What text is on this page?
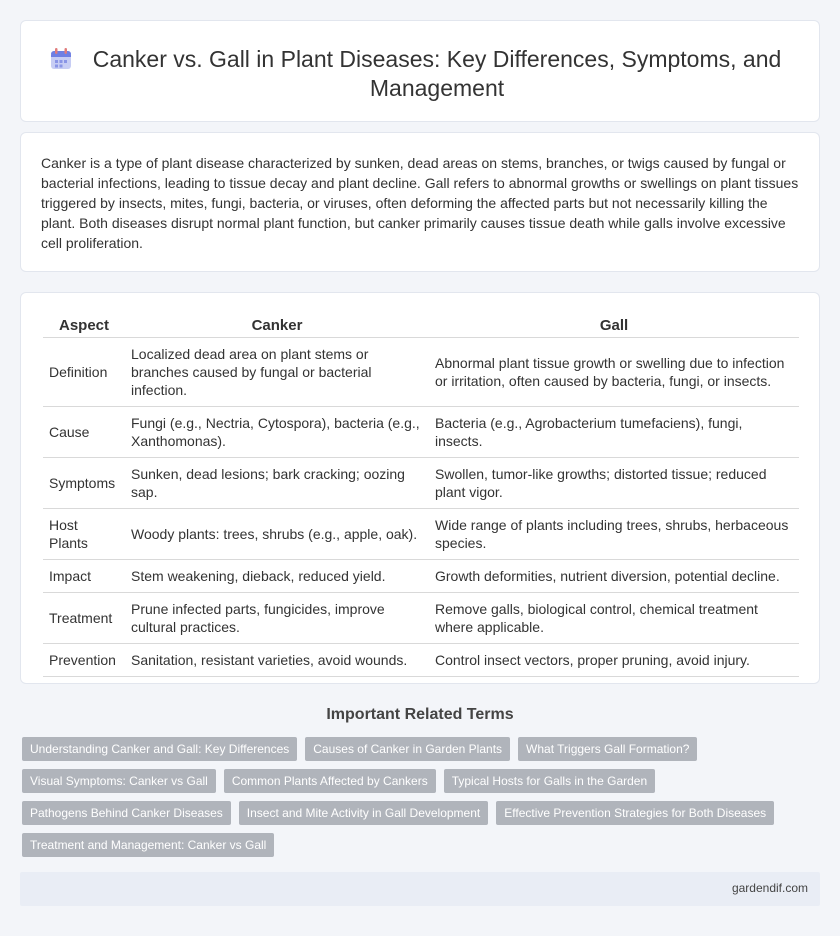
Canker vs. Gall in Plant Diseases: Key Differences, Symptoms, and Management

Canker is a type of plant disease characterized by sunken, dead areas on stems, branches, or twigs caused by fungal or bacterial infections, leading to tissue decay and plant decline. Gall refers to abnormal growths or swellings on plant tissues triggered by insects, mites, fungi, bacteria, or viruses, often deforming the affected parts but not necessarily killing the plant. Both diseases disrupt normal plant function, but canker primarily causes tissue death while galls involve excessive cell proliferation.

Aspect	Canker	Gall
Definition	Localized dead area on plant stems or branches caused by fungal or bacterial infection.	Abnormal plant tissue growth or swelling due to infection or irritation, often caused by bacteria, fungi, or insects.
Cause	Fungi (e.g., Nectria, Cytospora), bacteria (e.g., Xanthomonas).	Bacteria (e.g., Agrobacterium tumefaciens), fungi, insects.
Symptoms	Sunken, dead lesions; bark cracking; oozing sap.	Swollen, tumor-like growths; distorted tissue; reduced plant vigor.
Host Plants	Woody plants: trees, shrubs (e.g., apple, oak).	Wide range of plants including trees, shrubs, herbaceous species.
Impact	Stem weakening, dieback, reduced yield.	Growth deformities, nutrient diversion, potential decline.
Treatment	Prune infected parts, fungicides, improve cultural practices.	Remove galls, biological control, chemical treatment where applicable.
Prevention	Sanitation, resistant varieties, avoid wounds.	Control insect vectors, proper pruning, avoid injury.
Important Related Terms
Understanding Canker and Gall: Key Differences	Causes of Canker in Garden Plants	What Triggers Gall Formation?
Visual Symptoms: Canker vs Gall	Common Plants Affected by Cankers	Typical Hosts for Galls in the Garden
Pathogens Behind Canker Diseases	Insect and Mite Activity in Gall Development	Effective Prevention Strategies for Both Diseases
Treatment and Management: Canker vs Gall
gardendif.com
